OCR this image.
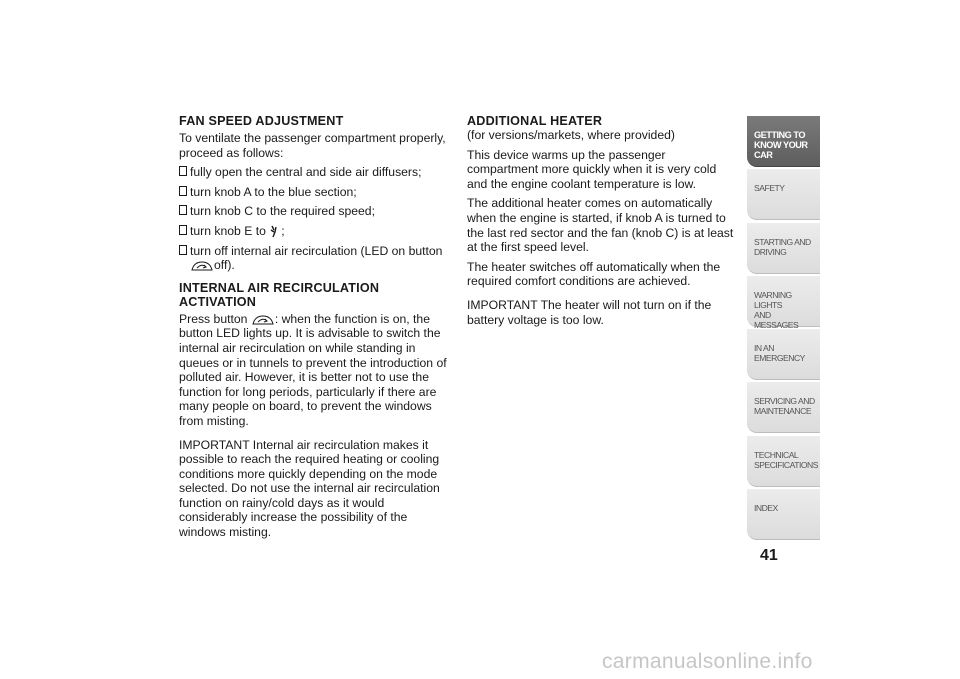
FAN SPEED ADJUSTMENT
To ventilate the passenger compartment properly, proceed as follows:
fully open the central and side air diffusers;
turn knob A to the blue section;
turn knob C to the required speed;
turn knob E to ;
turn off internal air recirculation (LED on button
off).
INTERNAL AIR RECIRCULATION ACTIVATION
Press button : when the function is on, the button LED lights up. It is advisable to switch the internal air recirculation on while standing in queues or in tunnels to prevent the introduction of polluted air. However, it is better not to use the function for long periods, particularly if there are many people on board, to prevent the windows from misting.
IMPORTANT Internal air recirculation makes it possible to reach the required heating or cooling conditions more quickly depending on the mode selected. Do not use the internal air recirculation function on rainy/cold days as it would considerably increase the possibility of the windows misting.
ADDITIONAL HEATER
(for versions/markets, where provided)
This device warms up the passenger compartment more quickly when it is very cold and the engine coolant temperature is low.
The additional heater comes on automatically when the engine is started, if knob A is turned to the last red sector and the fan (knob C) is at least at the first speed level.
The heater switches off automatically when the required comfort conditions are achieved.
IMPORTANT The heater will not turn on if the battery voltage is too low.
GETTING TO
KNOW YOUR CAR
SAFETY
STARTING AND
DRIVING
WARNING LIGHTS
AND MESSAGES
IN AN EMERGENCY
SERVICING AND
MAINTENANCE
TECHNICAL
SPECIFICATIONS
INDEX
41
carmanualsonline.info
